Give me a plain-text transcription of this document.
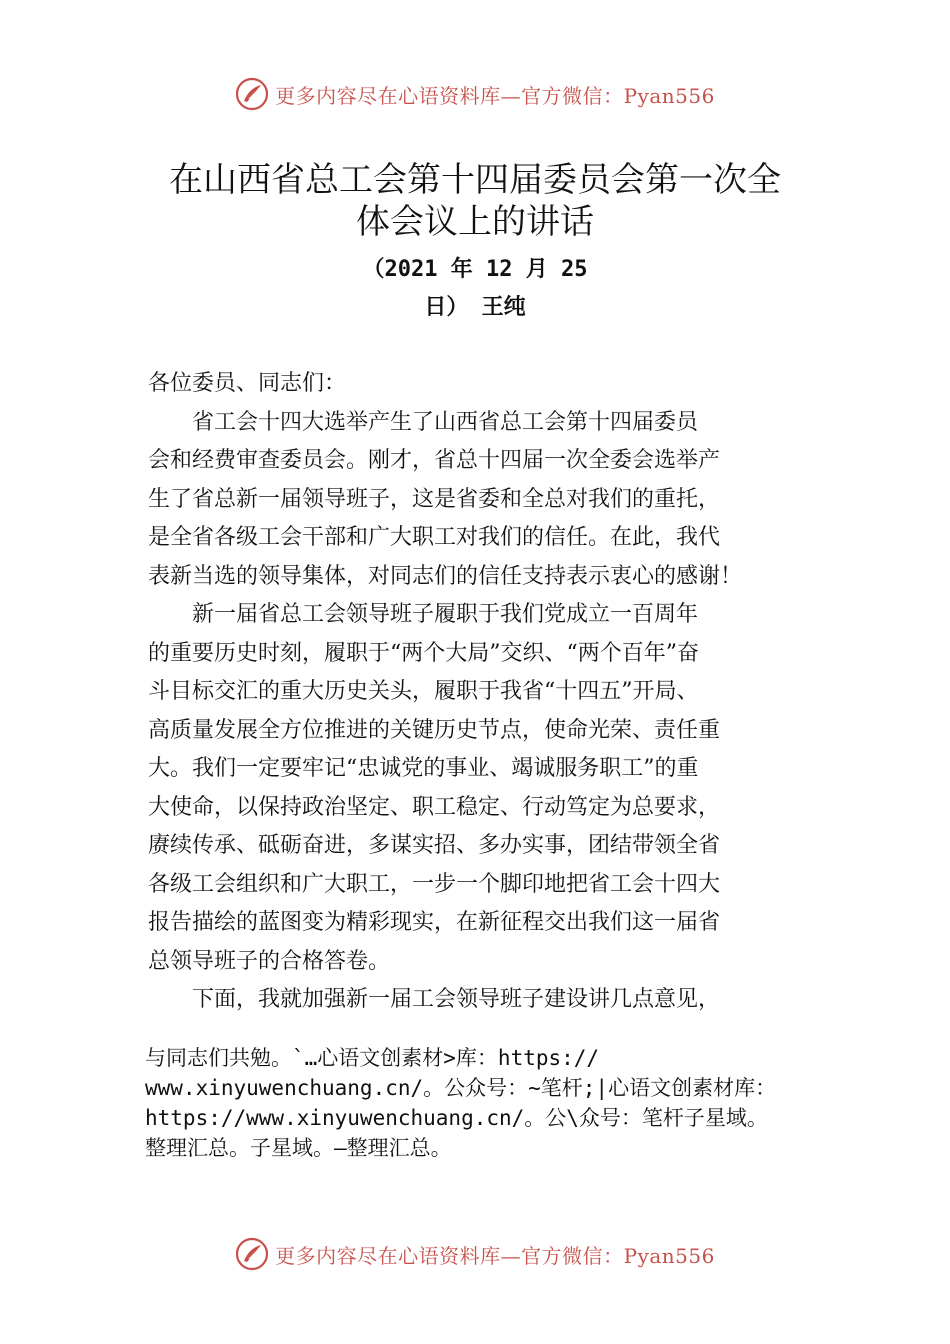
更多内容尽在心语资料库—官方微信：Pyan556
在山西省总工会第十四届委员会第一次全
体会议上的讲话
（2021 年 12 月 25
日） 王纯
各位委员、同志们：
　　省工会十四大选举产生了山西省总工会第十四届委员
会和经费审查委员会。刚才，省总十四届一次全委会选举产
生了省总新一届领导班子，这是省委和全总对我们的重托，
是全省各级工会干部和广大职工对我们的信任。在此，我代
表新当选的领导集体，对同志们的信任支持表示衷心的感谢！
　　新一届省总工会领导班子履职于我们党成立一百周年
的重要历史时刻，履职于“两个大局”交织、“两个百年”奋
斗目标交汇的重大历史关头，履职于我省“十四五”开局、
高质量发展全方位推进的关键历史节点，使命光荣、责任重
大。我们一定要牢记“忠诚党的事业、竭诚服务职工”的重
大使命，以保持政治坚定、职工稳定、行动笃定为总要求，
赓续传承、砥砺奋进，多谋实招、多办实事，团结带领全省
各级工会组织和广大职工，一步一个脚印地把省工会十四大
报告描绘的蓝图变为精彩现实，在新征程交出我们这一届省
总领导班子的合格答卷。
　　下面，我就加强新一届工会领导班子建设讲几点意见，
与同志们共勉。`…心语文创素材>库：https://
www.xinyuwenchuang.cn/。公众号：~笔杆;|心语文创素材库：
https://www.xinyuwenchuang.cn/。公\众号：笔杆子星域。
整理汇总。子星域。—整理汇总。
更多内容尽在心语资料库—官方微信：Pyan556
